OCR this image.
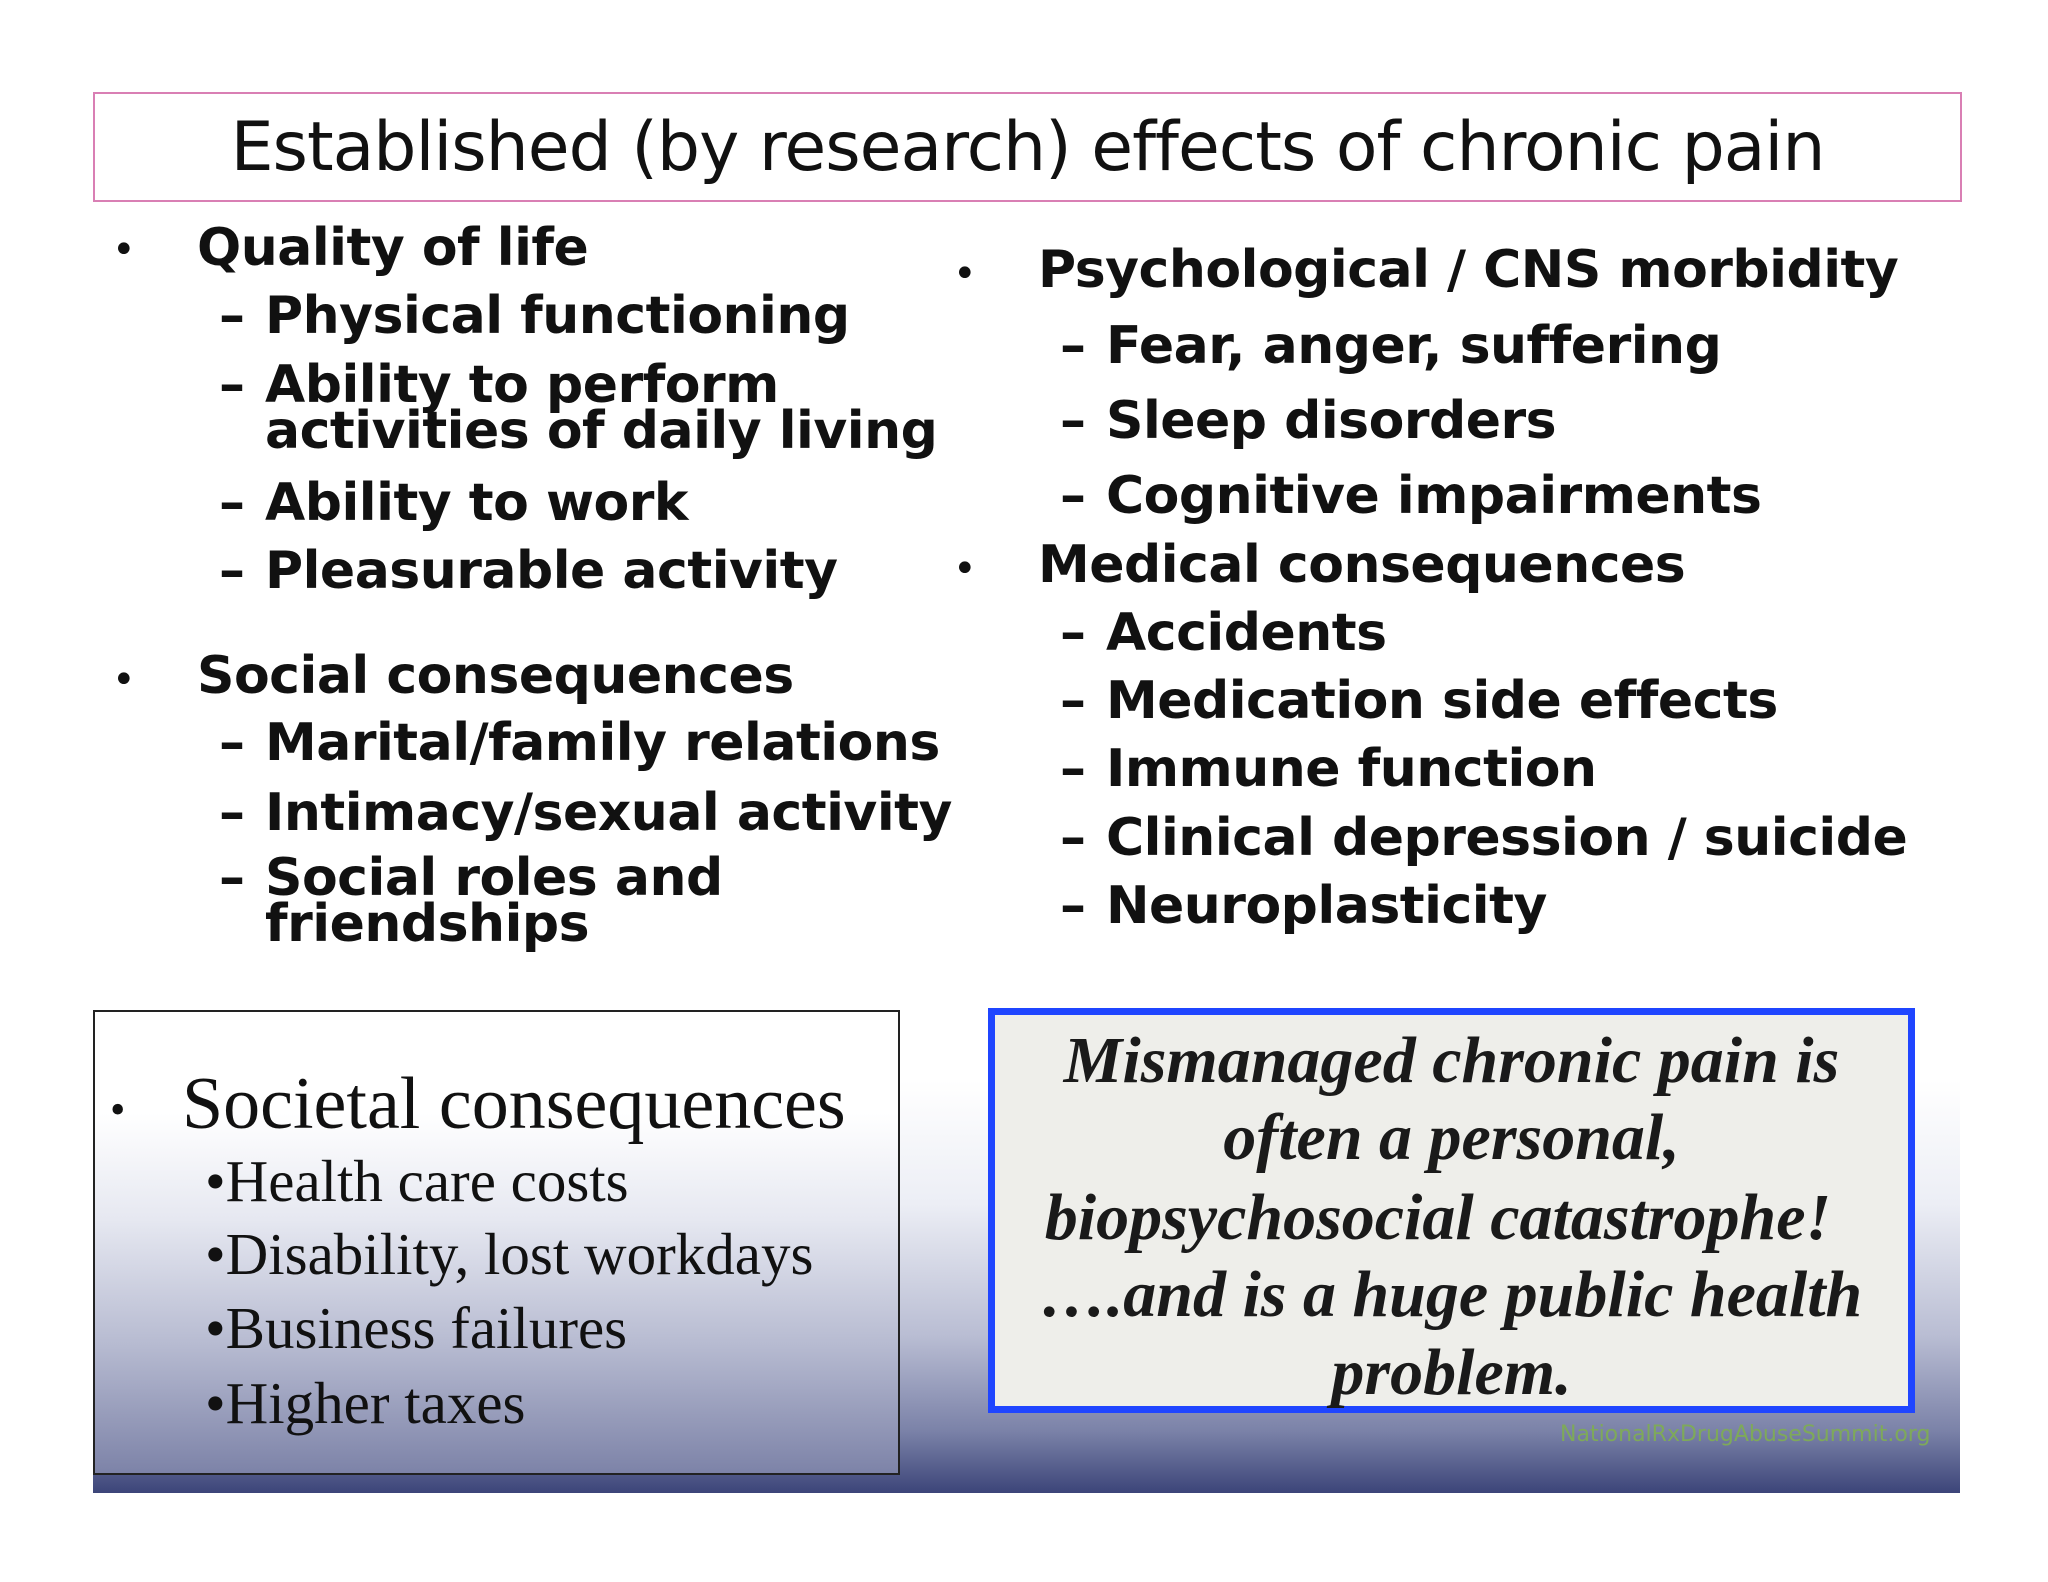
Established (by research) effects of chronic pain
• Quality of life
– Physical functioning
– Ability to perform
activities of daily living
– Ability to work
– Pleasurable activity
• Social consequences
– Marital/family relations
– Intimacy/sexual activity
– Social roles and
friendships
• Psychological / CNS morbidity
– Fear, anger, suffering
– Sleep disorders
– Cognitive impairments
• Medical consequences
– Accidents
– Medication side effects
– Immune function
– Clinical depression / suicide
– Neuroplasticity
• Societal consequences
•Health care costs
•Disability, lost workdays
•Business failures
•Higher taxes
Mismanaged chronic pain is
often a personal,
biopsychosocial catastrophe!
….and is a huge public health
problem.
NationalRxDrugAbuseSummit.org
